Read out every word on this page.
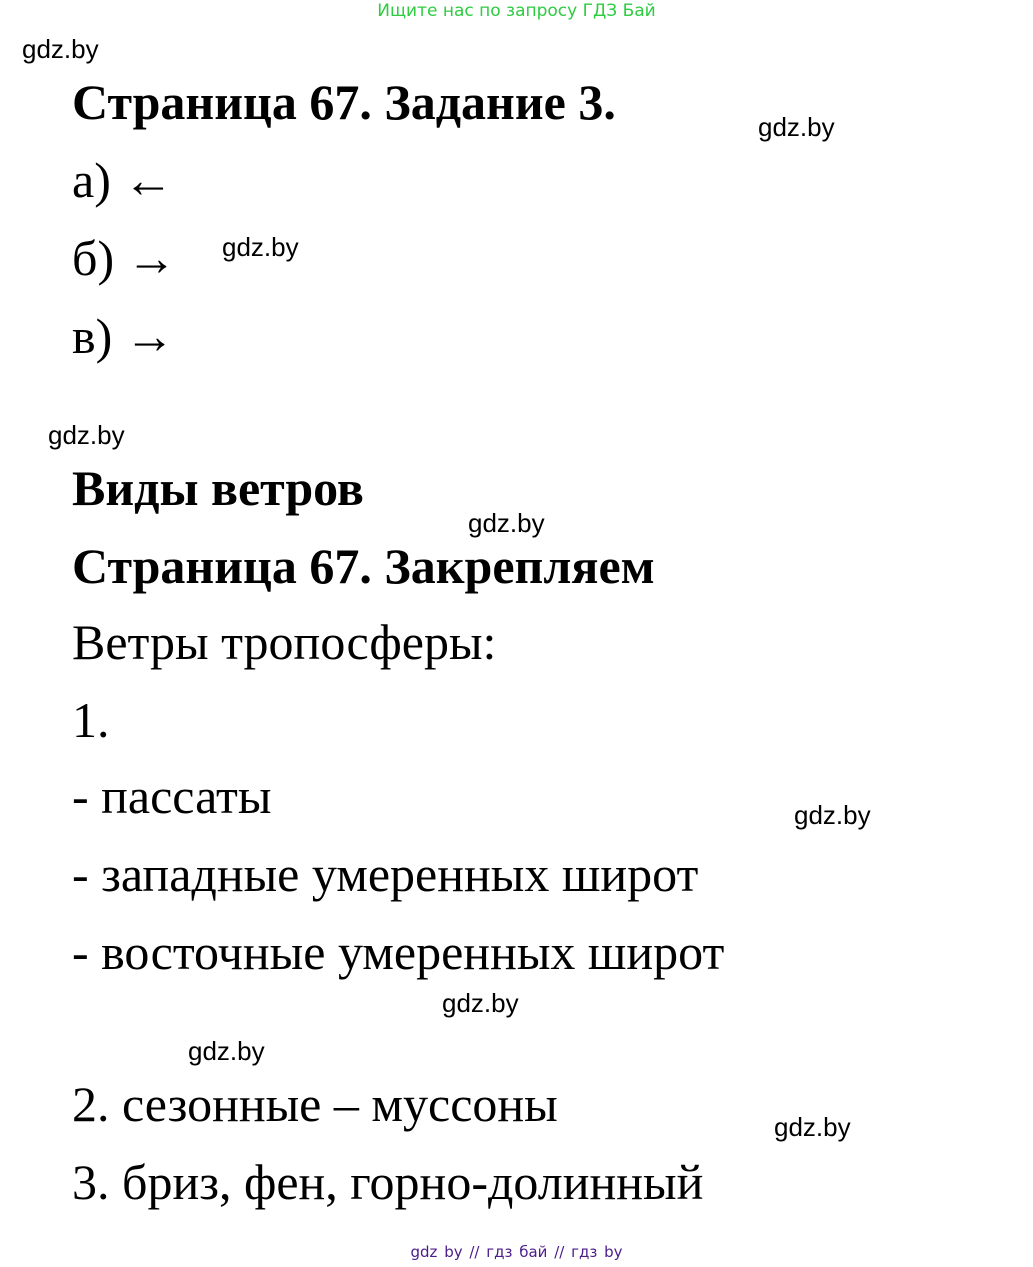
Ищите нас по запросу ГДЗ Бай
gdz.by
Страница 67. Задание 3.	gdz.by
а) ←
б) → gdz.by
в) →
gdz.by
Виды ветров
gdz.by
Страница 67. Закрепляем
Ветры тропосферы:
1.
- пассаты	gdz.by
- западные умеренных широт
- восточные умеренных широт
gdz.by
gdz.by
2. сезонные – муссоны	gdz.by
3. бриз, фен, горно-долинный
gdz by // гдз бай // гдз by
